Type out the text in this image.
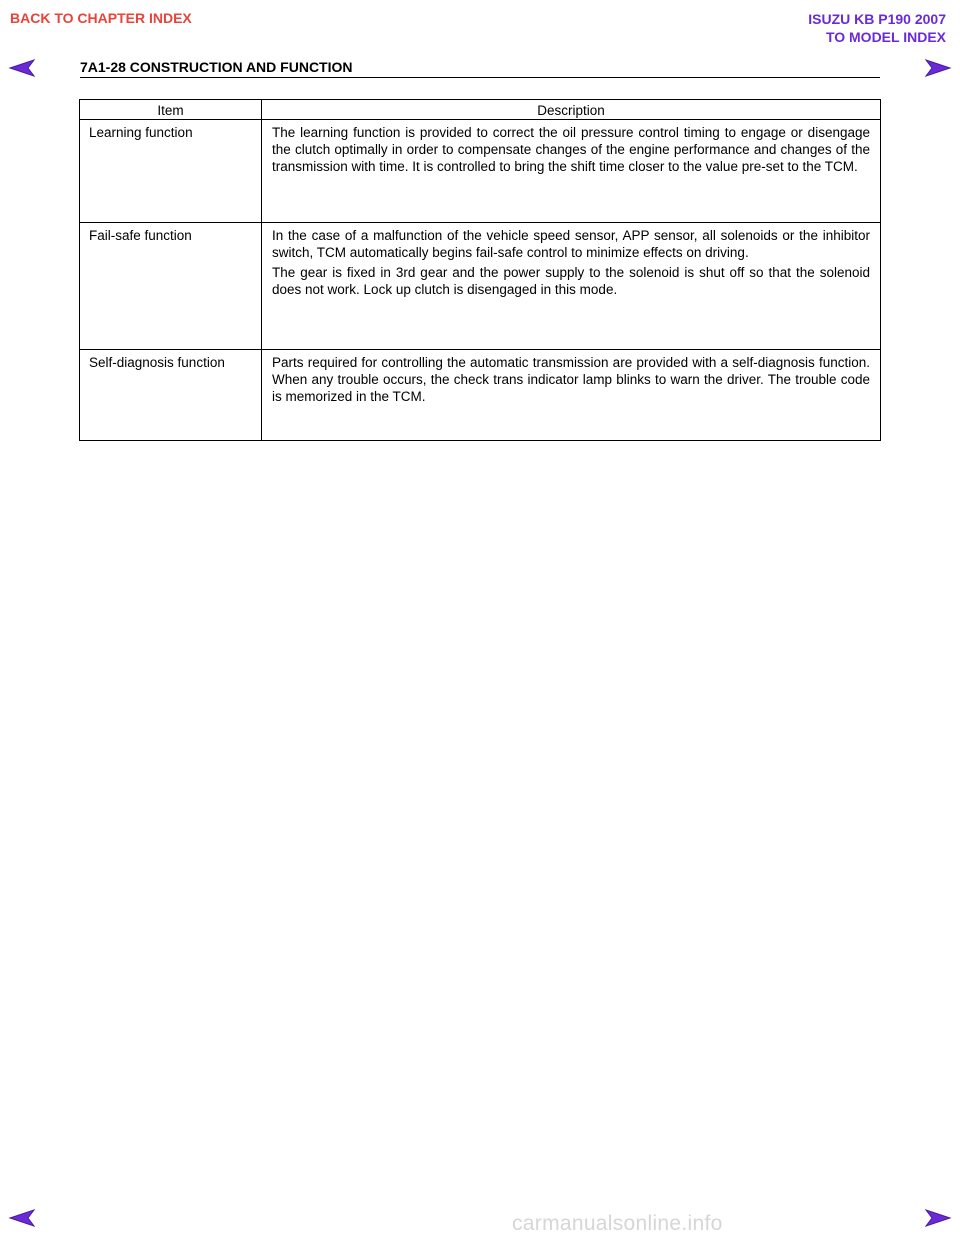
BACK TO CHAPTER INDEX	ISUZU KB P190 2007
TO MODEL INDEX
7A1-28 CONSTRUCTION AND FUNCTION
Item	Description
Learning function	The learning function is provided to correct the oil pressure control timing to engage or disengage the clutch optimally in order to compensate changes of the engine performance and changes of the transmission with time. It is controlled to bring the shift time closer to the value pre-set to the TCM.

Fail-safe function	In the case of a malfunction of the vehicle speed sensor, APP sensor, all solenoids or the inhibitor switch, TCM automatically begins fail-safe control to minimize effects on driving.

The gear is fixed in 3rd gear and the power supply to the solenoid is shut off so that the solenoid does not work. Lock up clutch is disengaged in this mode.

Self-diagnosis function	Parts required for controlling the automatic transmission are provided with a self-diagnosis function. When any trouble occurs, the check trans indicator lamp blinks to warn the driver. The trouble code is memorized in the TCM.

carmanualsonline.info
